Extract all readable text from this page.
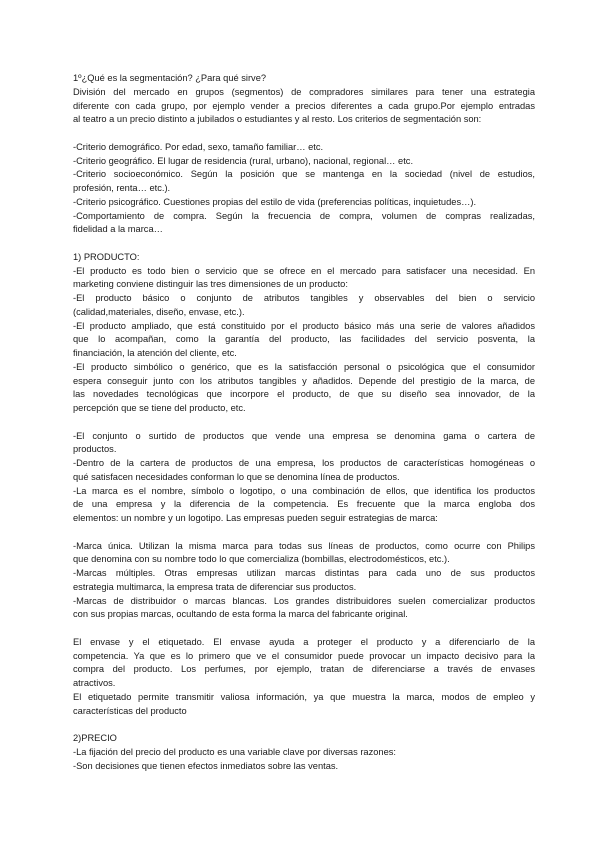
1º¿Qué es la segmentación? ¿Para qué sirve?
División del mercado en grupos (segmentos) de compradores similares para tener una estrategia
diferente con cada grupo, por ejemplo vender a precios diferentes a cada grupo.Por ejemplo entradas
al teatro a un precio distinto a jubilados o estudiantes y al resto. Los criterios de segmentación son:
-Criterio demográfico. Por edad, sexo, tamaño familiar… etc.
-Criterio geográfico. El lugar de residencia (rural, urbano), nacional, regional… etc.
-Criterio socioeconómico. Según la posición que se mantenga en la sociedad (nivel de estudios,
profesión, renta… etc.).
-Criterio psicográfico. Cuestiones propias del estilo de vida (preferencias políticas, inquietudes…).
-Comportamiento de compra. Según la frecuencia de compra, volumen de compras realizadas,
fidelidad a la marca…
1) PRODUCTO:
-El producto es todo bien o servicio que se ofrece en el mercado para satisfacer una necesidad. En
marketing conviene distinguir las tres dimensiones de un producto:
-El producto básico o conjunto de atributos tangibles y observables del bien o servicio
(calidad,materiales, diseño, envase, etc.).
-El producto ampliado, que está constituido por el producto básico más una serie de valores añadidos
que lo acompañan, como la garantía del producto, las facilidades del servicio posventa, la
financiación, la atención del cliente, etc.
-El producto simbólico o genérico, que es la satisfacción personal o psicológica que el consumidor
espera conseguir junto con los atributos tangibles y añadidos. Depende del prestigio de la marca, de
las novedades tecnológicas que incorpore el producto, de que su diseño sea innovador, de la
percepción que se tiene del producto, etc.
-El conjunto o surtido de productos que vende una empresa se denomina gama o cartera de
productos.
-Dentro de la cartera de productos de una empresa, los productos de características homogéneas o
qué satisfacen necesidades conforman lo que se denomina línea de productos.
-La marca es el nombre, símbolo o logotipo, o una combinación de ellos, que identifica los productos
de una empresa y la diferencia de la competencia. Es frecuente que la marca engloba dos
elementos: un nombre y un logotipo. Las empresas pueden seguir estrategias de marca:
-Marca única. Utilizan la misma marca para todas sus líneas de productos, como ocurre con Philips
que denomina con su nombre todo lo que comercializa (bombillas, electrodomésticos, etc.).
-Marcas múltiples. Otras empresas utilizan marcas distintas para cada uno de sus productos
estrategia multimarca, la empresa trata de diferenciar sus productos.
-Marcas de distribuidor o marcas blancas. Los grandes distribuidores suelen comercializar productos
con sus propias marcas, ocultando de esta forma la marca del fabricante original.
El envase y el etiquetado. El envase ayuda a proteger el producto y a diferenciarlo de la
competencia. Ya que es lo primero que ve el consumidor puede provocar un impacto decisivo para la
compra del producto. Los perfumes, por ejemplo, tratan de diferenciarse a través de envases
atractivos.
El etiquetado permite transmitir valiosa información, ya que muestra la marca, modos de empleo y
características del producto
2)PRECIO
-La fijación del precio del producto es una variable clave por diversas razones:
-Son decisiones que tienen efectos inmediatos sobre las ventas.
